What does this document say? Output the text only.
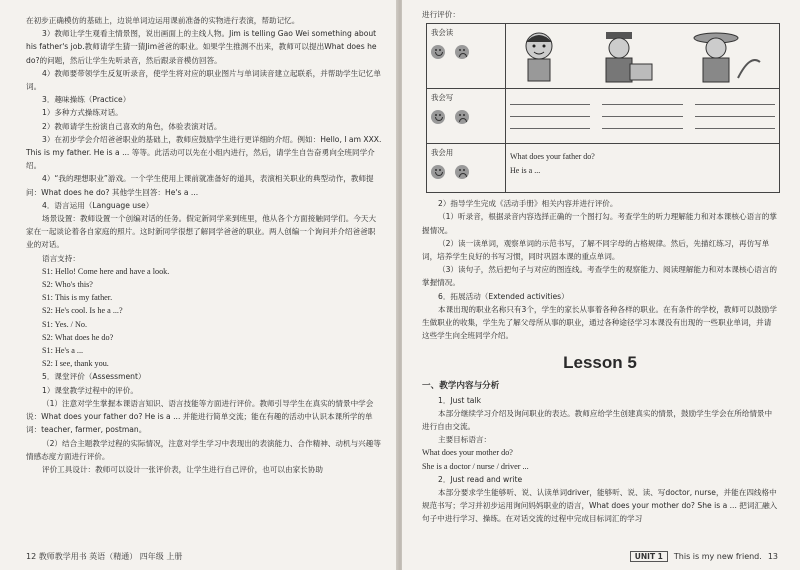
在初步正确模仿的基础上，边说单词边运用课前准备的实物进行表演，帮助记忆。

3）教师让学生观看主情景图，说出画面上的主线人物。Jim is telling Gao Wei something about his father's job.教师请学生猜一猜Jim爸爸的职业。如果学生推测不出来，教师可以提出What does he do?的问题，然后让学生先听录音，然后跟录音模仿回答。

4）教师要带领学生反复听录音，使学生将对应的职业图片与单词读音建立起联系，并帮助学生记忆单词。

3．趣味操练（Practice）

1）多种方式操练对话。

2）教师请学生扮演自己喜欢的角色，体验表演对话。

3）在初步学会介绍爸爸职业的基础上，教师应鼓励学生进行更详细的介绍。例如：Hello, I am XXX. This is my father. He is a ... 等等。此活动可以先在小组内进行，然后，请学生自告奋勇向全班同学介绍。

4）“我的理想职业”游戏。一个学生使用上课前就准备好的道具，表演相关职业的典型动作，教师提问：What does he do? 其他学生回答：He's a ...

4．语言运用（Language use）

场景设置：教师设置一个创编对话的任务。假定新同学来到班里，他从各个方面接触同学们。今天大家在一起谈论着各自家庭的照片。这时新同学很想了解同学爸爸的职业。两人创编一个询问并介绍爸爸职业的对话。

语言支持：

S1: Hello! Come here and have a look.

S2: Who's this?

S1: This is my father.

S2: He's cool. Is he a ...?

S1: Yes. / No.

S2: What does he do?

S1: He's a ...

S2: I see, thank you.

5．课堂评价（Assessment）

1）课堂教学过程中的评价。

（1）注意对学生掌握本课语言知识、语言技能等方面进行评价。教师引导学生在真实的情景中学会说：What does your father do? He is a ... 并能进行简单交流；能在有趣的活动中认识本课所学的单词：teacher, farmer, postman。

（2）结合主题教学过程的实际情况，注意对学生学习中表现出的表演能力、合作精神、动机与兴趣等情感态度方面进行评价。

评价工具设计：教师可以设计一张评价表，让学生进行自己评价，也可以由家长协助

12 教师教学用书 英语（精通） 四年级 上册

进行评价：

我会读

我会写

我会用	What does your father do?
He is a ...

2）指导学生完成《活动手册》相关内容并进行评价。

（1）听录音，根据录音内容选择正确的一个图打勾。考查学生的听力理解能力和对本课核心语言的掌握情况。

（2）读一读单词，观察单词的示范书写，了解不同字母的占格规律。然后，先描红练习，再仿写单词，培养学生良好的书写习惯，同时巩固本课的重点单词。

（3）读句子，然后把句子与对应的图连线。考查学生的观察能力、阅读理解能力和对本课核心语言的掌握情况。

6．拓展活动（Extended activities）

本课出现的职业名称只有3个，学生的家长从事着各种各样的职业。在有条件的学校，教师可以鼓励学生做职业的收集，学生先了解父母所从事的职业，通过各种途径学习本课没有出现的一些职业单词，并请这些学生向全班同学介绍。

Lesson 5

一、教学内容与分析

1．Just talk

本部分继续学习介绍及询问职业的表达。教师应给学生创建真实的情景，鼓励学生学会在所给情景中进行自由交流。

主要目标语言：

What does your mother do?

She is a doctor / nurse / driver ...

2．Just read and write

本部分要求学生能够听、说、认读单词driver，能够听、说、读、写doctor, nurse，并能在四线格中规范书写；学习并初步运用询问妈妈职业的语言，What does your mother do? She is a ... 把词汇融入句子中进行学习、操练。在对话交流的过程中完成目标词汇的学习

UNIT 1	This is my new friend. 13
